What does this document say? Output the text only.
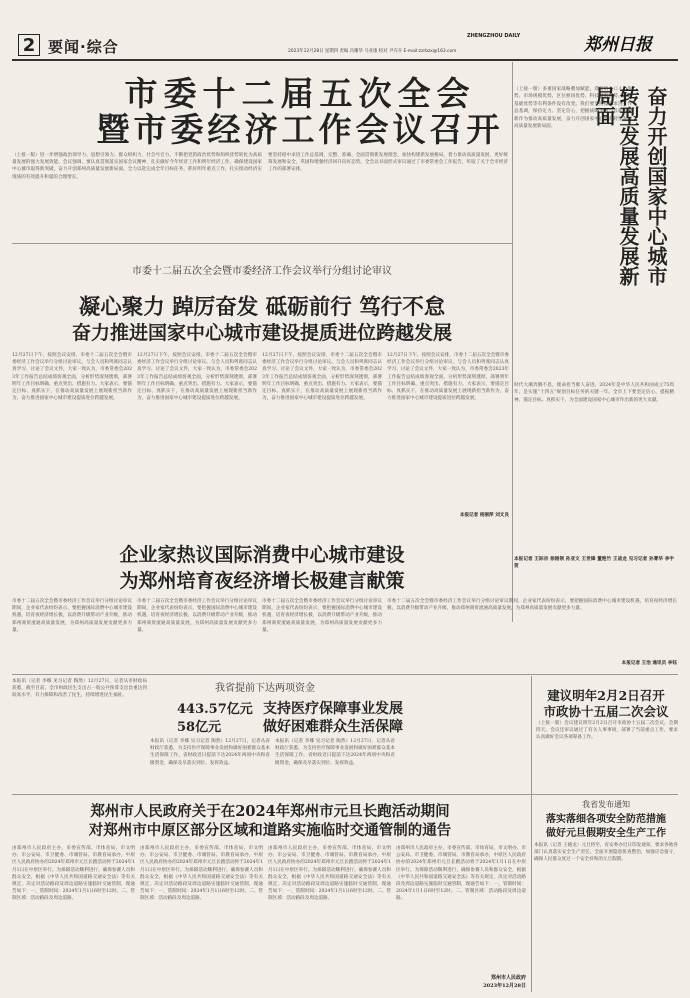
2 要闻·综合
ZHENGZHOU DAILY	郑州日报
2023年12月28日 星期四 责编 冯耀华 马亚康 校对 尹卉卉 E-mail:zzrbzx@163.com
市委十二届五次全会
暨市委经济工作会议召开
（上接一版）进一步增强政治领导力、思想引领力、群众组织力、社会号召力，不断把党的政治优势和组织优势转化为高质量发展的强大发展效能。会议强调，要认真贯彻落实国家会议精神，扎实做好今年经济工作和明年经济工作，确保建设国家中心城市取得新突破，奋力开创郑州高质量发展新局面。全力以赴完成全年目标任务，抓好明年重点工作，扎实推动经济实现质的有效提升和量的合理增长。
要坚持稳中求进工作总基调，完整、准确、全面贯彻新发展理念，加快构建新发展格局，着力推动高质量发展，更好统筹发展和安全，巩固和增强经济回升向好态势。全会以书面形式审议通过了市委常委会工作报告，听取了关于全市经济工作的部署安排。
（上接一版）多重国家战略叠加赋能，郑州的人口人力优势、市场规模优势、区位枢纽优势、科技创新优势、产业基础优势等有利条件没有改变。我们要坚持稳中求进工作总基调，保持定力、坚定信心，把握战略主动，以新气象新作为推动高质量发展，奋力开创国家中心城市转型发展高质量发展新局面。	奋力开创国家中心城市
转型发展高质量发展新局面
时代大潮奔腾不息，使命担当催人奋进。2024年是中华人民共和国成立75周年，是实施“十四五”规划目标任务的关键一年。全市上下要坚定信心、提振精神，锚定目标、真抓实干，为全面建设国家中心城市作出新的更大贡献。
本报记者 王际宗 徐刚领 孙亚文 王世锋 董艳竹 王战龙 见习记者 孙菁华 李宇贺
市委十二届五次全会暨市委经济工作会议举行分组讨论审议
凝心聚力 踔厉奋发 砥砺前行 笃行不怠
奋力推进国家中心城市建设提质进位跨越发展
12月27日下午，按照会议安排，市委十二届五次全会暨市委经济工作会议举行分组讨论审议。与会人员和列席同志认真学习、讨论了会议文件，大家一致认为，市委常委会2023年工作报告总结成绩客观全面，分析形势深刻透彻，部署明年工作目标明确、重点突出、措施有力。大家表示，要锚定目标、真抓实干，在推动高质量发展上展现新担当新作为，奋力推进国家中心城市建设提质进位跨越发展。
12月27日下午，按照会议安排，市委十二届五次全会暨市委经济工作会议举行分组讨论审议。与会人员和列席同志认真学习、讨论了会议文件，大家一致认为，市委常委会2023年工作报告总结成绩客观全面，分析形势深刻透彻，部署明年工作目标明确、重点突出、措施有力。大家表示，要锚定目标、真抓实干，在推动高质量发展上展现新担当新作为，奋力推进国家中心城市建设提质进位跨越发展。
12月27日下午，按照会议安排，市委十二届五次全会暨市委经济工作会议举行分组讨论审议。与会人员和列席同志认真学习、讨论了会议文件，大家一致认为，市委常委会2023年工作报告总结成绩客观全面，分析形势深刻透彻，部署明年工作目标明确、重点突出、措施有力。大家表示，要锚定目标、真抓实干，在推动高质量发展上展现新担当新作为，奋力推进国家中心城市建设提质进位跨越发展。
12月27日下午，按照会议安排，市委十二届五次全会暨市委经济工作会议举行分组讨论审议。与会人员和列席同志认真学习、讨论了会议文件，大家一致认为，市委常委会2023年工作报告总结成绩客观全面，分析形势深刻透彻，部署明年工作目标明确、重点突出、措施有力。大家表示，要锚定目标、真抓实干，在推动高质量发展上展现新担当新作为，奋力推进国家中心城市建设提质进位跨越发展。
本报记者 杨丽萍 刘文良
企业家热议国际消费中心城市建设
为郑州培育夜经济增长极建言献策
市委十二届五次全会暨市委经济工作会议举行分组讨论审议期间，企业家代表纷纷表示，要把握国际消费中心城市建设机遇，培育夜经济增长极，以消费升级带动产业升级，推动郑州商贸流通高质量发展，为郑州高质量发展贡献更多力量。
市委十二届五次全会暨市委经济工作会议举行分组讨论审议期间，企业家代表纷纷表示，要把握国际消费中心城市建设机遇，培育夜经济增长极，以消费升级带动产业升级，推动郑州商贸流通高质量发展，为郑州高质量发展贡献更多力量。
市委十二届五次全会暨市委经济工作会议举行分组讨论审议期间，企业家代表纷纷表示，要把握国际消费中心城市建设机遇，培育夜经济增长极，以消费升级带动产业升级，推动郑州商贸流通高质量发展，为郑州高质量发展贡献更多力量。
市委十二届五次全会暨市委经济工作会议举行分组讨论审议期间，企业家代表纷纷表示，要把握国际消费中心城市建设机遇，培育夜经济增长极，以消费升级带动产业升级，推动郑州商贸流通高质量发展，为郑州高质量发展贡献更多力量。
本报记者 王治 通讯员 李钰
本报讯（记者 李娜 见习记者 陶然）12月27日，记者从市财政局获悉，截至目前，全市财政民生支出占一般公共预算支出比重达到较高水平，有力保障和改善了民生，持续增进民生福祉。
我省提前下达两项资金
443.57亿元 支持医疗保障事业发展
58亿元	做好困难群众生活保障
本报讯（记者 李娜 见习记者 陶然）12月27日，记者从省财政厅获悉，为支持医疗保障事业发展和做好困难群众基本生活保障工作，省财政近日提前下达2024年两项中央和省级资金，确保及早落实到位、发挥效益。
本报讯（记者 李娜 见习记者 陶然）12月27日，记者从省财政厅获悉，为支持医疗保障事业发展和做好困难群众基本生活保障工作，省财政近日提前下达2024年两项中央和省级资金，确保及早落实到位、发挥效益。
建议明年2月2日召开
市政协十五届二次会议
（上接一版）会议建议明年2月2日召开市政协十五届二次会议，会期四天。会议还审议通过了有关人事事项，部署了当前重点工作，要求认真做好会议各项筹备工作。
我省发布通知
落实落细各项安全防范措施
做好元旦假期安全生产工作
本报讯（记者 王晓龙）元旦将至，省安委办近日印发通知，要求各地各部门认真落实安全生产责任，全面开展隐患排查整治，加强应急值守，确保人民群众度过一个安全祥和的元旦假期。
郑州市人民政府关于在2024年郑州市元旦长跑活动期间
对郑州市中原区部分区域和道路实施临时交通管制的通告
由郑州市人民政府主办，市委宣传部、市体育局、市文明办、市公安局、市卫健委、市城管局、市教育局承办，中原区人民政府协办的2024年郑州市元旦长跑活动将于2024年1月1日在中原区举行。为保障活动顺利进行，确保参赛人员和群众安全，根据《中华人民共和国道路交通安全法》等有关规定，决定对活动路段及周边道路实施临时交通管制，现通告如下：一、管制时间：2024年1月1日6时至12时。二、管制区域：活动路段及周边道路。
由郑州市人民政府主办，市委宣传部、市体育局、市文明办、市公安局、市卫健委、市城管局、市教育局承办，中原区人民政府协办的2024年郑州市元旦长跑活动将于2024年1月1日在中原区举行。为保障活动顺利进行，确保参赛人员和群众安全，根据《中华人民共和国道路交通安全法》等有关规定，决定对活动路段及周边道路实施临时交通管制，现通告如下：一、管制时间：2024年1月1日6时至12时。二、管制区域：活动路段及周边道路。
由郑州市人民政府主办，市委宣传部、市体育局、市文明办、市公安局、市卫健委、市城管局、市教育局承办，中原区人民政府协办的2024年郑州市元旦长跑活动将于2024年1月1日在中原区举行。为保障活动顺利进行，确保参赛人员和群众安全，根据《中华人民共和国道路交通安全法》等有关规定，决定对活动路段及周边道路实施临时交通管制，现通告如下：一、管制时间：2024年1月1日6时至12时。二、管制区域：活动路段及周边道路。
由郑州市人民政府主办，市委宣传部、市体育局、市文明办、市公安局、市卫健委、市城管局、市教育局承办，中原区人民政府协办的2024年郑州市元旦长跑活动将于2024年1月1日在中原区举行。为保障活动顺利进行，确保参赛人员和群众安全，根据《中华人民共和国道路交通安全法》等有关规定，决定对活动路段及周边道路实施临时交通管制，现通告如下：一、管制时间：2024年1月1日6时至12时。二、管制区域：活动路段及周边道路。
郑州市人民政府
2023年12月28日
